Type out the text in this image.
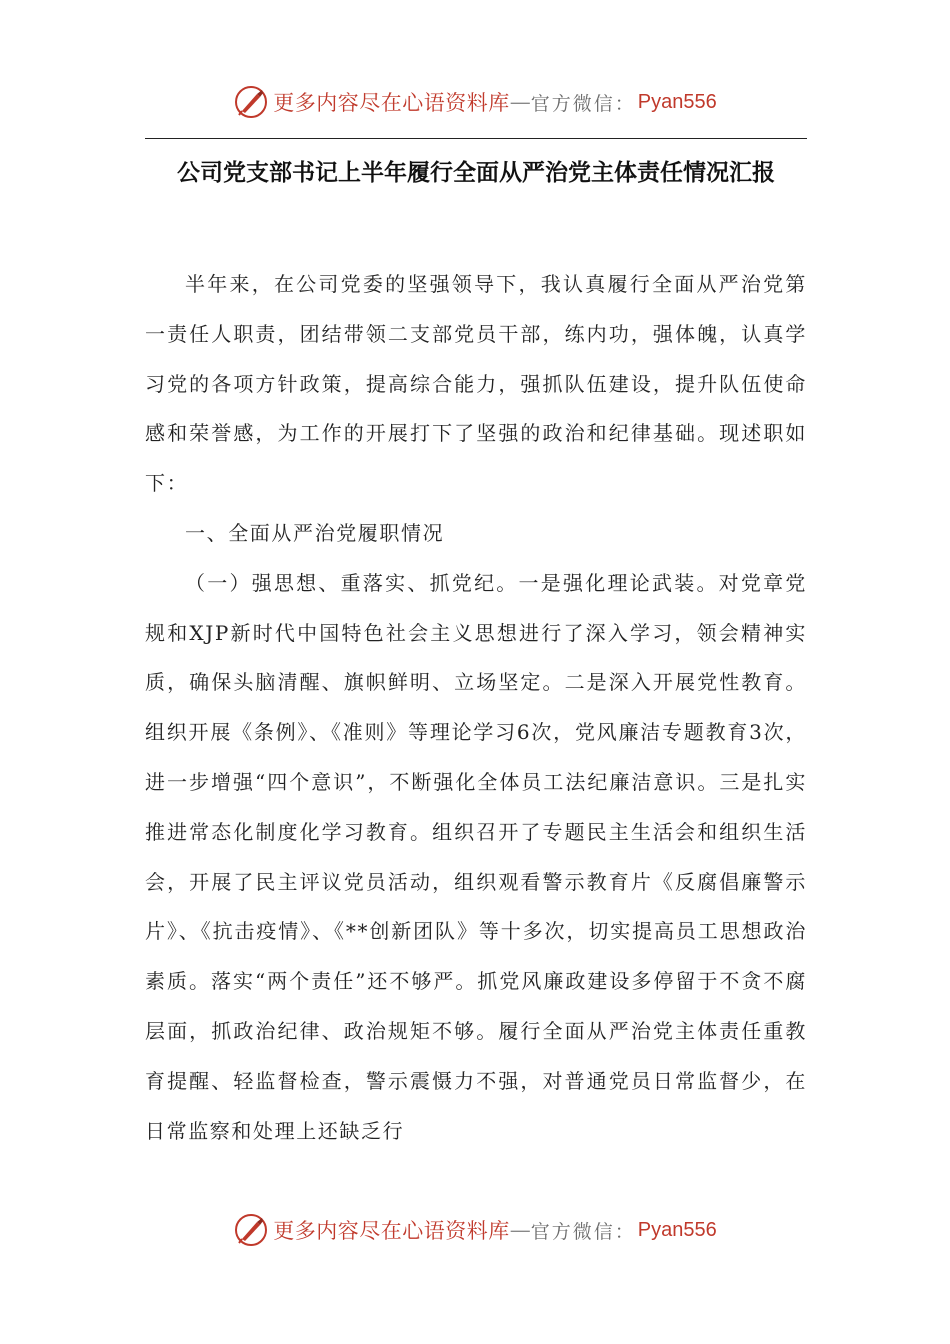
更多内容尽在心语资料库 — 官方微信： Pyan556
公司党支部书记上半年履行全面从严治党主体责任情况汇报

半年来，在公司党委的坚强领导下，我认真履行全面从严治党第一责任人职责，团结带领二支部党员干部，练内功，强体魄，认真学习党的各项方针政策，提高综合能力，强抓队伍建设，提升队伍使命感和荣誉感，为工作的开展打下了坚强的政治和纪律基础。现述职如下：

一、全面从严治党履职情况

（一）强思想、重落实、抓党纪。一是强化理论武装。对党章党规和XJP新时代中国特色社会主义思想进行了深入学习，领会精神实质，确保头脑清醒、旗帜鲜明、立场坚定。二是深入开展党性教育。组织开展《条例》、《准则》等理论学习6次，党风廉洁专题教育3次，进一步增强“四个意识”，不断强化全体员工法纪廉洁意识。三是扎实推进常态化制度化学习教育。组织召开了专题民主生活会和组织生活会，开展了民主评议党员活动，组织观看警示教育片《反腐倡廉警示片》、《抗击疫情》、《**创新团队》等十多次，切实提高员工思想政治素质。落实“两个责任”还不够严。抓党风廉政建设多停留于不贪不腐层面，抓政治纪律、政治规矩不够。履行全面从严治党主体责任重教育提醒、轻监督检查，警示震慑力不强，对普通党员日常监督少，在日常监察和处理上还缺乏行

更多内容尽在心语资料库 — 官方微信： Pyan556
